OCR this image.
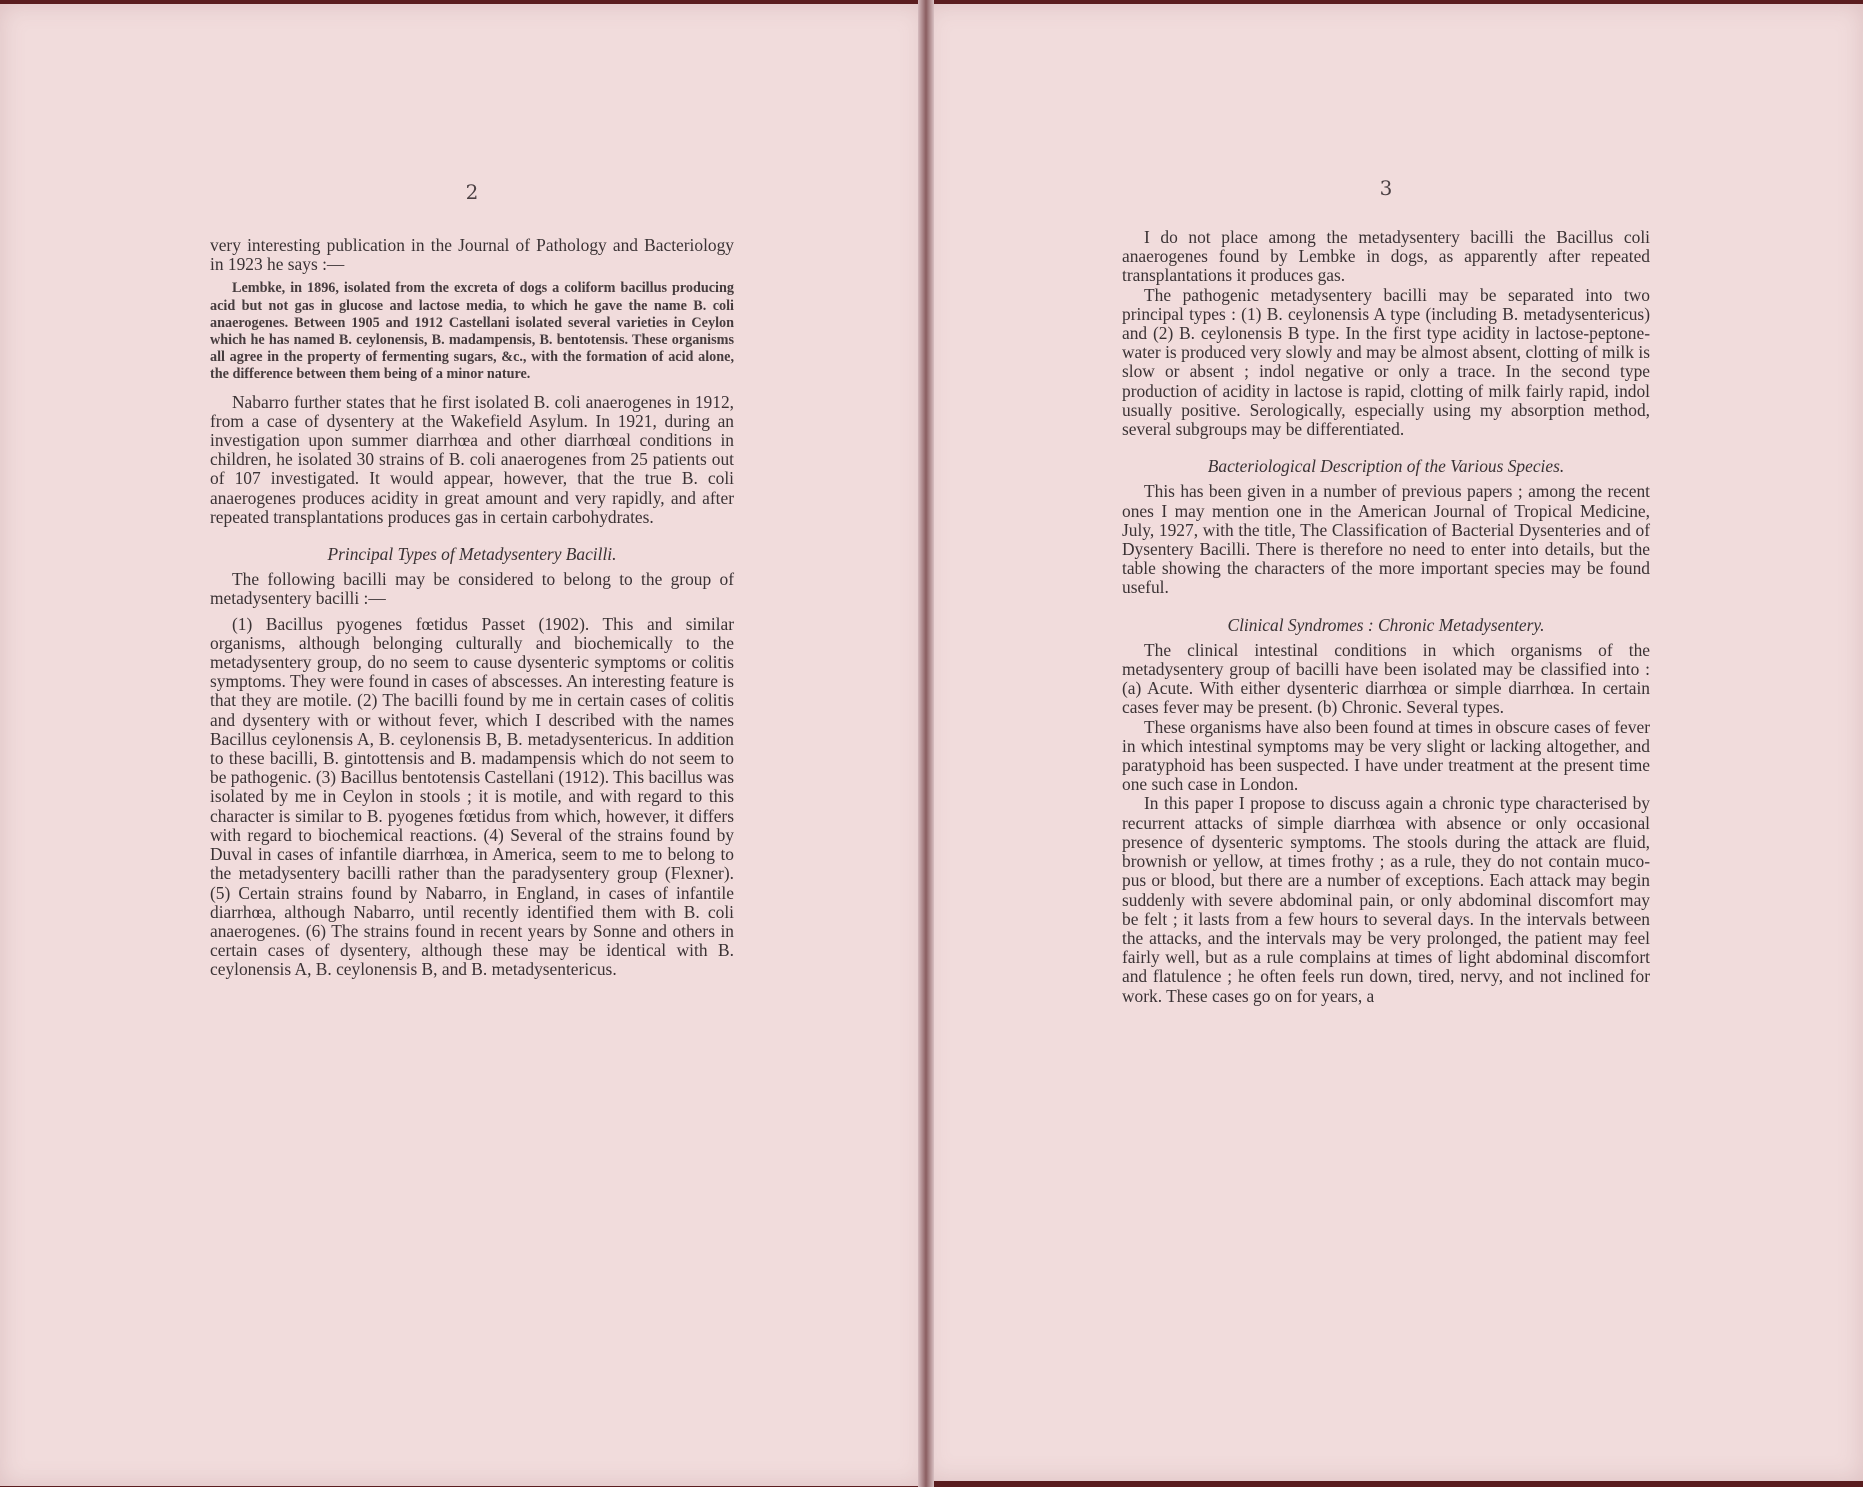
2	3

very interesting publication in the Journal of Pathology and Bacteriology in 1923 he says :—

Lembke, in 1896, isolated from the excreta of dogs a coliform bacillus producing acid but not gas in glucose and lactose media, to which he gave the name B. coli anaerogenes. Between 1905 and 1912 Castellani isolated several varieties in Ceylon which he has named B. ceylonensis, B. madampensis, B. bentotensis. These organisms all agree in the property of fermenting sugars, &c., with the formation of acid alone, the difference between them being of a minor nature.

Nabarro further states that he first isolated B. coli anaerogenes in 1912, from a case of dysentery at the Wakefield Asylum. In 1921, during an investigation upon summer diarrhœa and other diarrhœal conditions in children, he isolated 30 strains of B. coli anaerogenes from 25 patients out of 107 investigated. It would appear, however, that the true B. coli anaerogenes produces acidity in great amount and very rapidly, and after repeated transplantations produces gas in certain carbohydrates.

Principal Types of Metadysentery Bacilli.

The following bacilli may be considered to belong to the group of metadysentery bacilli :—

(1) Bacillus pyogenes fœtidus Passet (1902). This and similar organisms, although belonging culturally and biochemically to the metadysentery group, do no seem to cause dysenteric symptoms or colitis symptoms. They were found in cases of abscesses. An interesting feature is that they are motile. (2) The bacilli found by me in certain cases of colitis and dysentery with or without fever, which I described with the names Bacillus ceylonensis A, B. ceylonensis B, B. metadysentericus. In addition to these bacilli, B. gintottensis and B. madampensis which do not seem to be pathogenic. (3) Bacillus bentotensis Castellani (1912). This bacillus was isolated by me in Ceylon in stools ; it is motile, and with regard to this character is similar to B. pyogenes fœtidus from which, however, it differs with regard to biochemical reactions. (4) Several of the strains found by Duval in cases of infantile diarrhœa, in America, seem to me to belong to the metadysentery bacilli rather than the paradysentery group (Flexner). (5) Certain strains found by Nabarro, in England, in cases of infantile diarrhœa, although Nabarro, until recently identified them with B. coli anaerogenes. (6) The strains found in recent years by Sonne and others in certain cases of dysentery, although these may be identical with B. ceylonensis A, B. ceylonensis B, and B. metadysentericus.

I do not place among the metadysentery bacilli the Bacillus coli anaerogenes found by Lembke in dogs, as apparently after repeated transplantations it produces gas.

The pathogenic metadysentery bacilli may be separated into two principal types : (1) B. ceylonensis A type (including B. metadysentericus) and (2) B. ceylonensis B type. In the first type acidity in lactose-peptone-water is produced very slowly and may be almost absent, clotting of milk is slow or absent ; indol negative or only a trace. In the second type production of acidity in lactose is rapid, clotting of milk fairly rapid, indol usually positive. Serologically, especially using my absorption method, several subgroups may be differentiated.

Bacteriological Description of the Various Species.

This has been given in a number of previous papers ; among the recent ones I may mention one in the American Journal of Tropical Medicine, July, 1927, with the title, The Classification of Bacterial Dysenteries and of Dysentery Bacilli. There is therefore no need to enter into details, but the table showing the characters of the more important species may be found useful.

Clinical Syndromes : Chronic Metadysentery.

The clinical intestinal conditions in which organisms of the metadysentery group of bacilli have been isolated may be classified into : (a) Acute. With either dysenteric diarrhœa or simple diarrhœa. In certain cases fever may be present. (b) Chronic. Several types.

These organisms have also been found at times in obscure cases of fever in which intestinal symptoms may be very slight or lacking altogether, and paratyphoid has been suspected. I have under treatment at the present time one such case in London.

In this paper I propose to discuss again a chronic type characterised by recurrent attacks of simple diarrhœa with absence or only occasional presence of dysenteric symptoms. The stools during the attack are fluid, brownish or yellow, at times frothy ; as a rule, they do not contain muco-pus or blood, but there are a number of exceptions. Each attack may begin suddenly with severe abdominal pain, or only abdominal discomfort may be felt ; it lasts from a few hours to several days. In the intervals between the attacks, and the intervals may be very prolonged, the patient may feel fairly well, but as a rule complains at times of light abdominal discomfort and flatulence ; he often feels run down, tired, nervy, and not inclined for work. These cases go on for years, a
